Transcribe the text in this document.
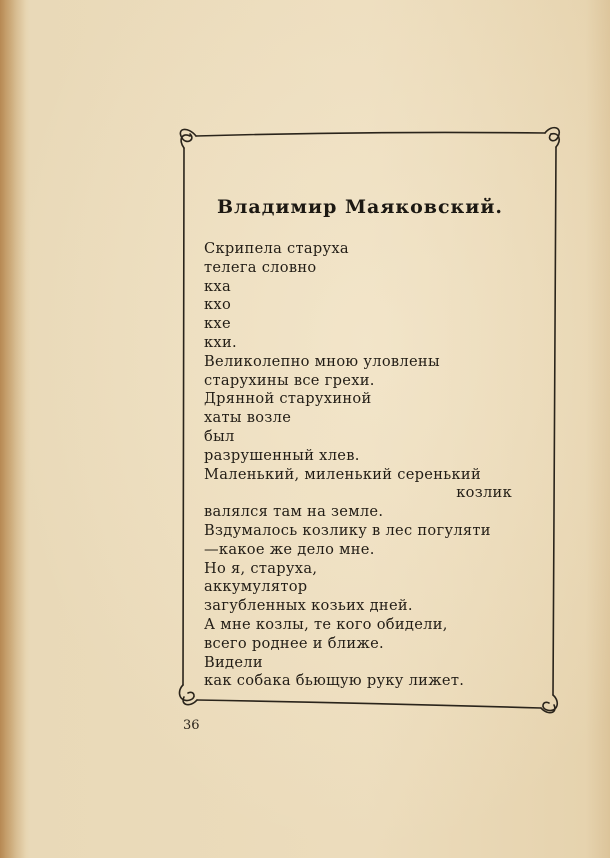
Владимир Маяковский.
Скрипела старуха
телега словно
кха
кхо
кхе
кхи.
Великолепно мною уловлены
старухины все грехи.
Дрянной старухиной
хаты возле
был
разрушенный хлев.
Маленький, миленький серенький
козлик
валялся там на земле.
Вздумалось козлику в лес погуляти
—какое же дело мне.
Но я, старуха,
аккумулятор
загубленных козьих дней.
А мне козлы, те кого обидели,
всего роднее и ближе.
Видели
как собака бьющую руку лижет.
36
